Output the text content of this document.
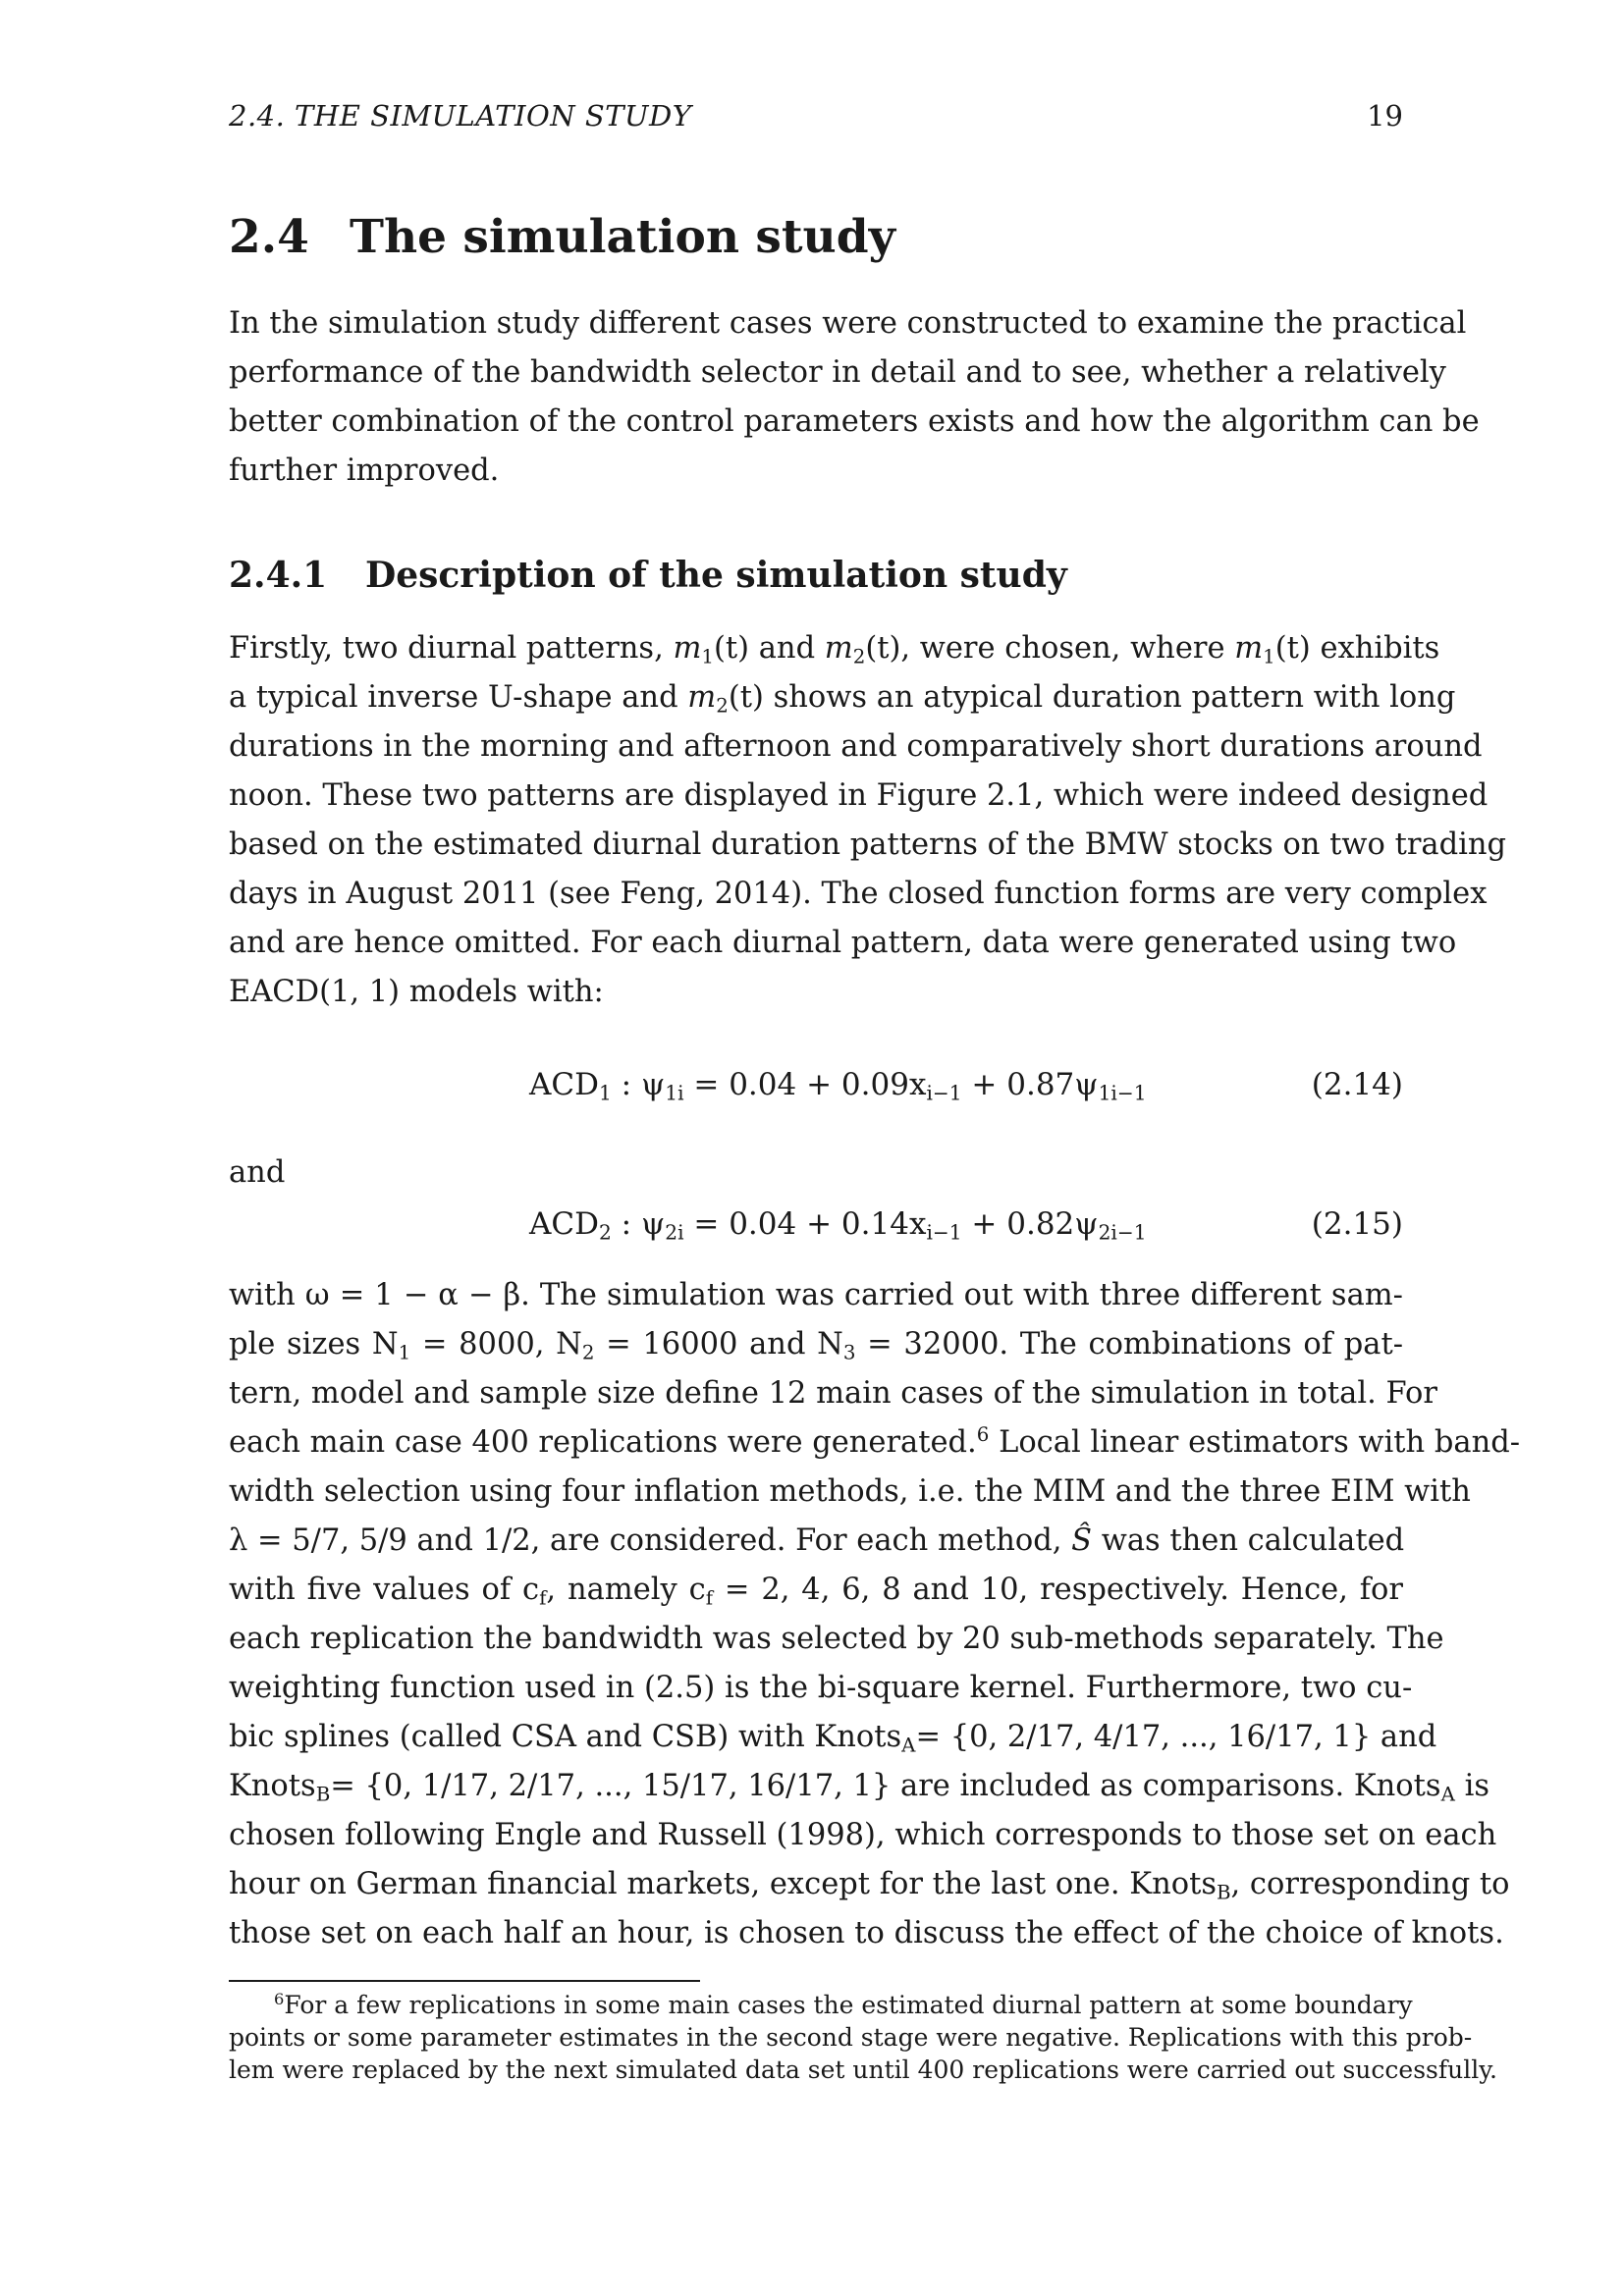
2.4. THE SIMULATION STUDY	19
2.4 The simulation study

In the simulation study different cases were constructed to examine the practical
performance of the bandwidth selector in detail and to see, whether a relatively
better combination of the control parameters exists and how the algorithm can be
further improved.

2.4.1 Description of the simulation study

Firstly, two diurnal patterns, $m_1(t)$ and $m_2(t)$, were chosen, where $m_1(t)$ exhibits
a typical inverse U-shape and $m_2(t)$ shows an atypical duration pattern with long
durations in the morning and afternoon and comparatively short durations around
noon. These two patterns are displayed in Figure 2.1, which were indeed designed
based on the estimated diurnal duration patterns of the BMW stocks on two trading
days in August 2011 (see Feng, 2014). The closed function forms are very complex
and are hence omitted. For each diurnal pattern, data were generated using two
EACD(1, 1) models with:

$ACD_1$ : $\psi_{1i} = 0.04 + 0.09x_{i-1} + 0.87\psi_{1i-1}$	(2.14)

and

$ACD_2$ : $\psi_{2i} = 0.04 + 0.14x_{i-1} + 0.82\psi_{2i-1}$	(2.15)

with ω = 1 − α − β. The simulation was carried out with three different sam-
ple sizes $N_1 = 8000$, $N_2 = 16000$ and $N_3 = 32000$. The combinations of pat-
tern, model and sample size define 12 main cases of the simulation in total. For
each main case 400 replications were generated.$^6$ Local linear estimators with band-
width selection using four inflation methods, i.e. the MIM and the three EIM with
λ = 5/7, 5/9 and 1/2, are considered. For each method, Ŝ was then calculated
with five values of $c_f$, namely $c_f = 2$, 4, 6, 8 and 10, respectively. Hence, for
each replication the bandwidth was selected by 20 sub-methods separately. The
weighting function used in (2.5) is the bi-square kernel. Furthermore, two cu-
bic splines (called CSA and CSB) with Knots$_A$= {0, 2/17, 4/17, ..., 16/17, 1} and
Knots$_B$= {0, 1/17, 2/17, ..., 15/17, 16/17, 1} are included as comparisons. Knots$_A$ is
chosen following Engle and Russell (1998), which corresponds to those set on each
hour on German financial markets, except for the last one. Knots$_B$, corresponding to
those set on each half an hour, is chosen to discuss the effect of the choice of knots.

$^6$For a few replications in some main cases the estimated diurnal pattern at some boundary
points or some parameter estimates in the second stage were negative. Replications with this prob-
lem were replaced by the next simulated data set until 400 replications were carried out successfully.
